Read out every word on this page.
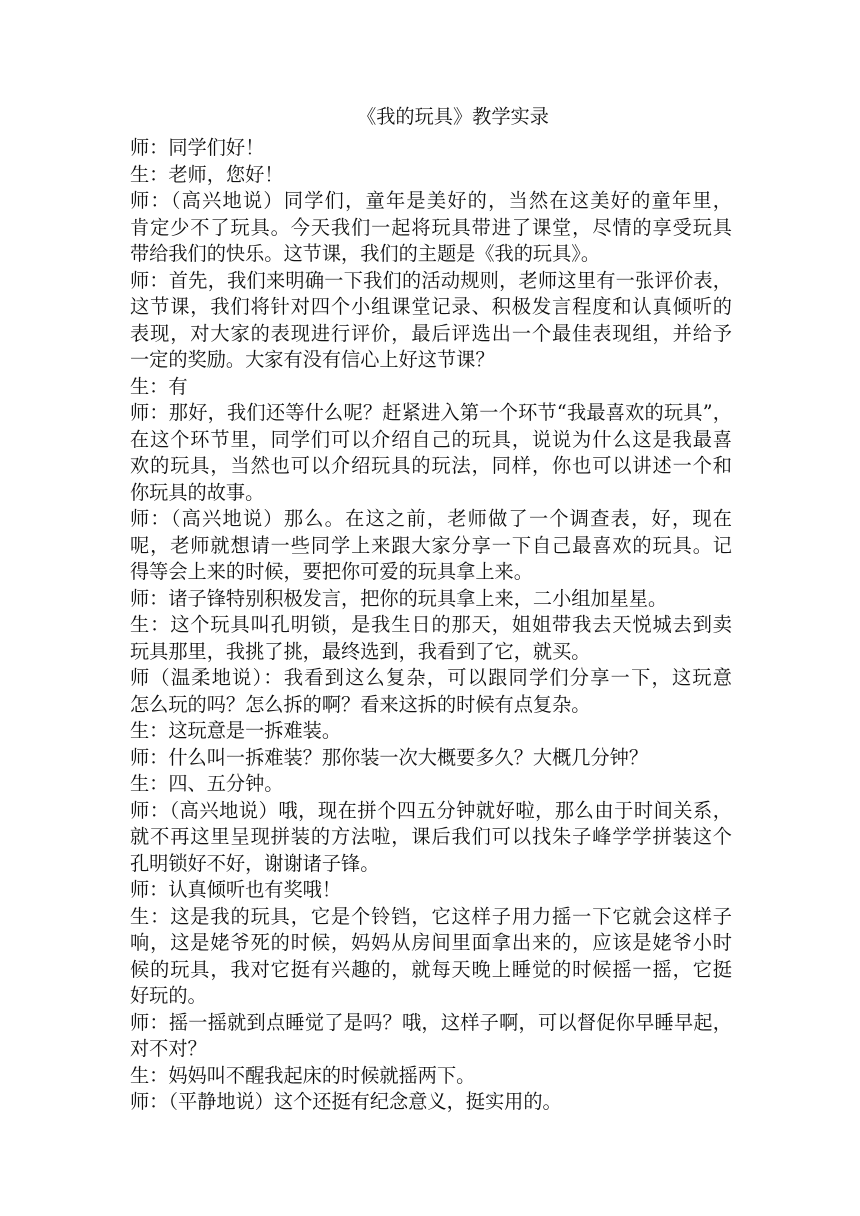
《我的玩具》教学实录
师：同学们好！
生：老师，您好！
师：（高兴地说）同学们，童年是美好的，当然在这美好的童年里，
肯定少不了玩具。今天我们一起将玩具带进了课堂，尽情的享受玩具
带给我们的快乐。这节课，我们的主题是《我的玩具》。
师：首先，我们来明确一下我们的活动规则，老师这里有一张评价表，
这节课，我们将针对四个小组课堂记录、积极发言程度和认真倾听的
表现，对大家的表现进行评价，最后评选出一个最佳表现组，并给予
一定的奖励。大家有没有信心上好这节课？
生：有
师：那好，我们还等什么呢？赶紧进入第一个环节“我最喜欢的玩具”，
在这个环节里，同学们可以介绍自己的玩具，说说为什么这是我最喜
欢的玩具，当然也可以介绍玩具的玩法，同样，你也可以讲述一个和
你玩具的故事。
师：（高兴地说）那么。在这之前，老师做了一个调查表，好，现在
呢，老师就想请一些同学上来跟大家分享一下自己最喜欢的玩具。记
得等会上来的时候，要把你可爱的玩具拿上来。
师：诸子锋特别积极发言，把你的玩具拿上来，二小组加星星。
生：这个玩具叫孔明锁，是我生日的那天，姐姐带我去天悦城去到卖
玩具那里，我挑了挑，最终选到，我看到了它，就买。
师（温柔地说）：我看到这么复杂，可以跟同学们分享一下，这玩意
怎么玩的吗？怎么拆的啊？看来这拆的时候有点复杂。
生：这玩意是一拆难装。
师：什么叫一拆难装？那你装一次大概要多久？大概几分钟？
生：四、五分钟。
师：（高兴地说）哦，现在拼个四五分钟就好啦，那么由于时间关系，
就不再这里呈现拼装的方法啦，课后我们可以找朱子峰学学拼装这个
孔明锁好不好，谢谢诸子锋。
师：认真倾听也有奖哦！
生：这是我的玩具，它是个铃铛，它这样子用力摇一下它就会这样子
响，这是姥爷死的时候，妈妈从房间里面拿出来的，应该是姥爷小时
候的玩具，我对它挺有兴趣的，就每天晚上睡觉的时候摇一摇，它挺
好玩的。
师：摇一摇就到点睡觉了是吗？哦，这样子啊，可以督促你早睡早起，
对不对？
生：妈妈叫不醒我起床的时候就摇两下。
师：（平静地说）这个还挺有纪念意义，挺实用的。
